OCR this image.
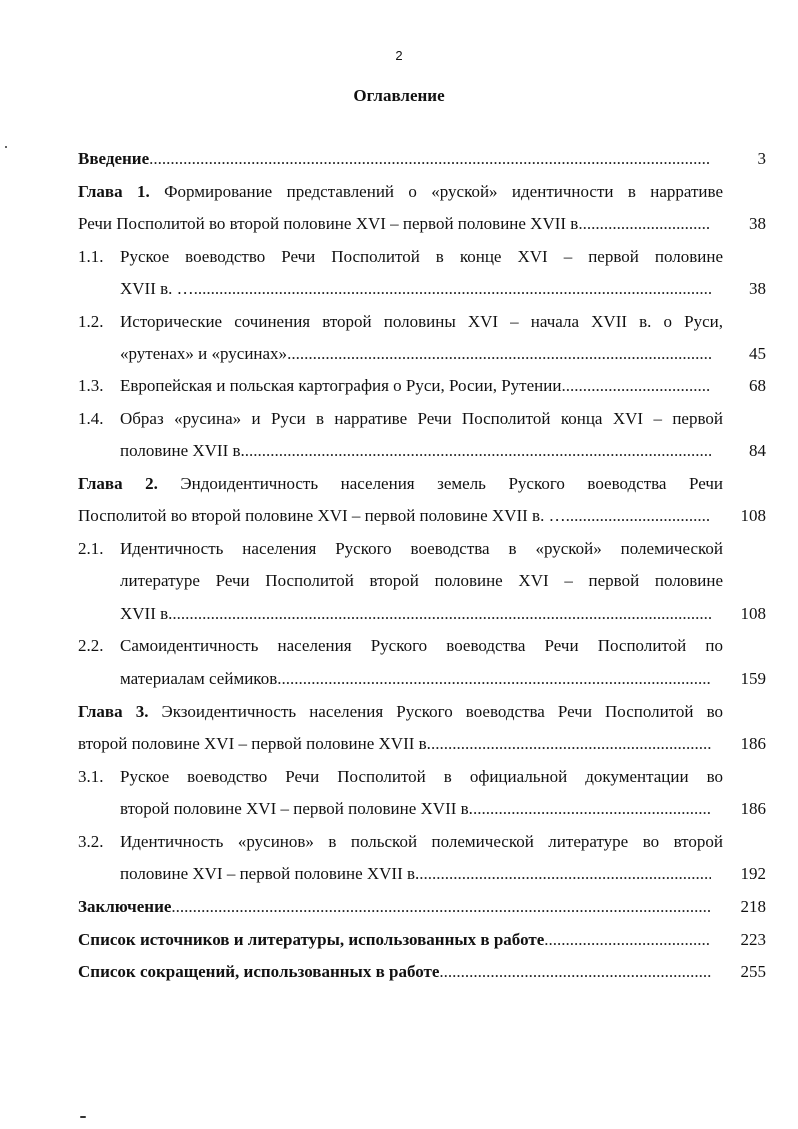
2
Оглавление
Введение .....	3
Глава 1. Формирование представлений о «руской» идентичности в нарративе
Речи Посполитой во второй половине XVI – первой половине XVII в .....	38
1.1. Руское воеводство Речи Посполитой в конце XVI – первой половине
XVII в. … .....	38
1.2. Исторические сочинения второй половины XVI – начала XVII в. о Руси,
«рутенах» и «русинах» .....	45
1.3. Европейская и польская картография о Руси, Росии, Рутении .....	68
1.4. Образ «русина» и Руси в нарративе Речи Посполитой конца XVI – первой
половине XVII в. .....	84
Глава 2. Эндоидентичность населения земель Руского воеводства Речи
Посполитой во второй половине XVI – первой половине XVII в. … .....	108
2.1. Идентичность населения Руского воеводства в «руской» полемической
литературе Речи Посполитой второй половине XVI – первой половине
XVII в. .....	108
2.2. Самоидентичность населения Руского воеводства Речи Посполитой по
материалам сеймиков .....	159
Глава 3. Экзоидентичность населения Руского воеводства Речи Посполитой во
второй половине XVI – первой половине XVII в. .....	186
3.1. Руское воеводство Речи Посполитой в официальной документации во
второй половине XVI – первой половине XVII в. .....	186
3.2. Идентичность «русинов» в польской полемической литературе во второй
половине XVI – первой половине XVII в. .....	192
Заключение .....	218
Список источников и литературы, использованных в работе .....	223
Список сокращений, использованных в работе .....	255
